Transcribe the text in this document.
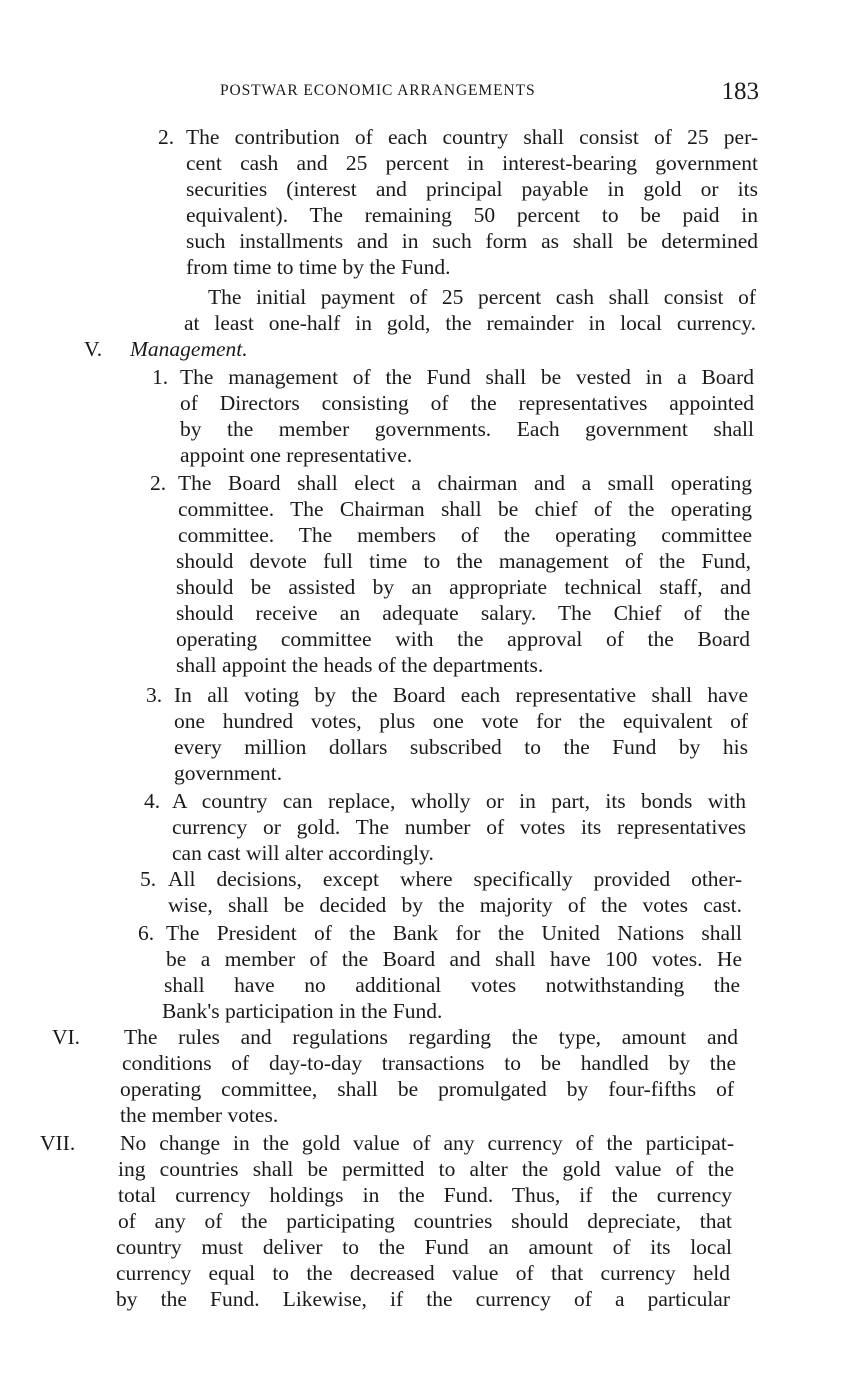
POSTWAR ECONOMIC ARRANGEMENTS	183
2. The contribution of each country shall consist of 25 per-

cent cash and 25 percent in interest-bearing government

securities (interest and principal payable in gold or its

equivalent). The remaining 50 percent to be paid in

such installments and in such form as shall be determined

from time to time by the Fund.

The initial payment of 25 percent cash shall consist of

at least one-half in gold, the remainder in local currency.

V. Management.
1. The management of the Fund shall be vested in a Board

of Directors consisting of the representatives appointed

by the member governments. Each government shall

appoint one representative.

2. The Board shall elect a chairman and a small operating

committee. The Chairman shall be chief of the operating

committee. The members of the operating committee

should devote full time to the management of the Fund,

should be assisted by an appropriate technical staff, and

should receive an adequate salary. The Chief of the

operating committee with the approval of the Board

shall appoint the heads of the departments.

3. In all voting by the Board each representative shall have

one hundred votes, plus one vote for the equivalent of

every million dollars subscribed to the Fund by his

government.

4. A country can replace, wholly or in part, its bonds with

currency or gold. The number of votes its representatives

can cast will alter accordingly.

5. All decisions, except where specifically provided other-

wise, shall be decided by the majority of the votes cast.

6. The President of the Bank for the United Nations shall

be a member of the Board and shall have 100 votes. He

shall have no additional votes notwithstanding the

Bank's participation in the Fund.

VI. The rules and regulations regarding the type, amount and

conditions of day-to-day transactions to be handled by the

operating committee, shall be promulgated by four-fifths of

the member votes.

VII. No change in the gold value of any currency of the participat-

ing countries shall be permitted to alter the gold value of the

total currency holdings in the Fund. Thus, if the currency

of any of the participating countries should depreciate, that

country must deliver to the Fund an amount of its local

currency equal to the decreased value of that currency held

by the Fund. Likewise, if the currency of a particular
